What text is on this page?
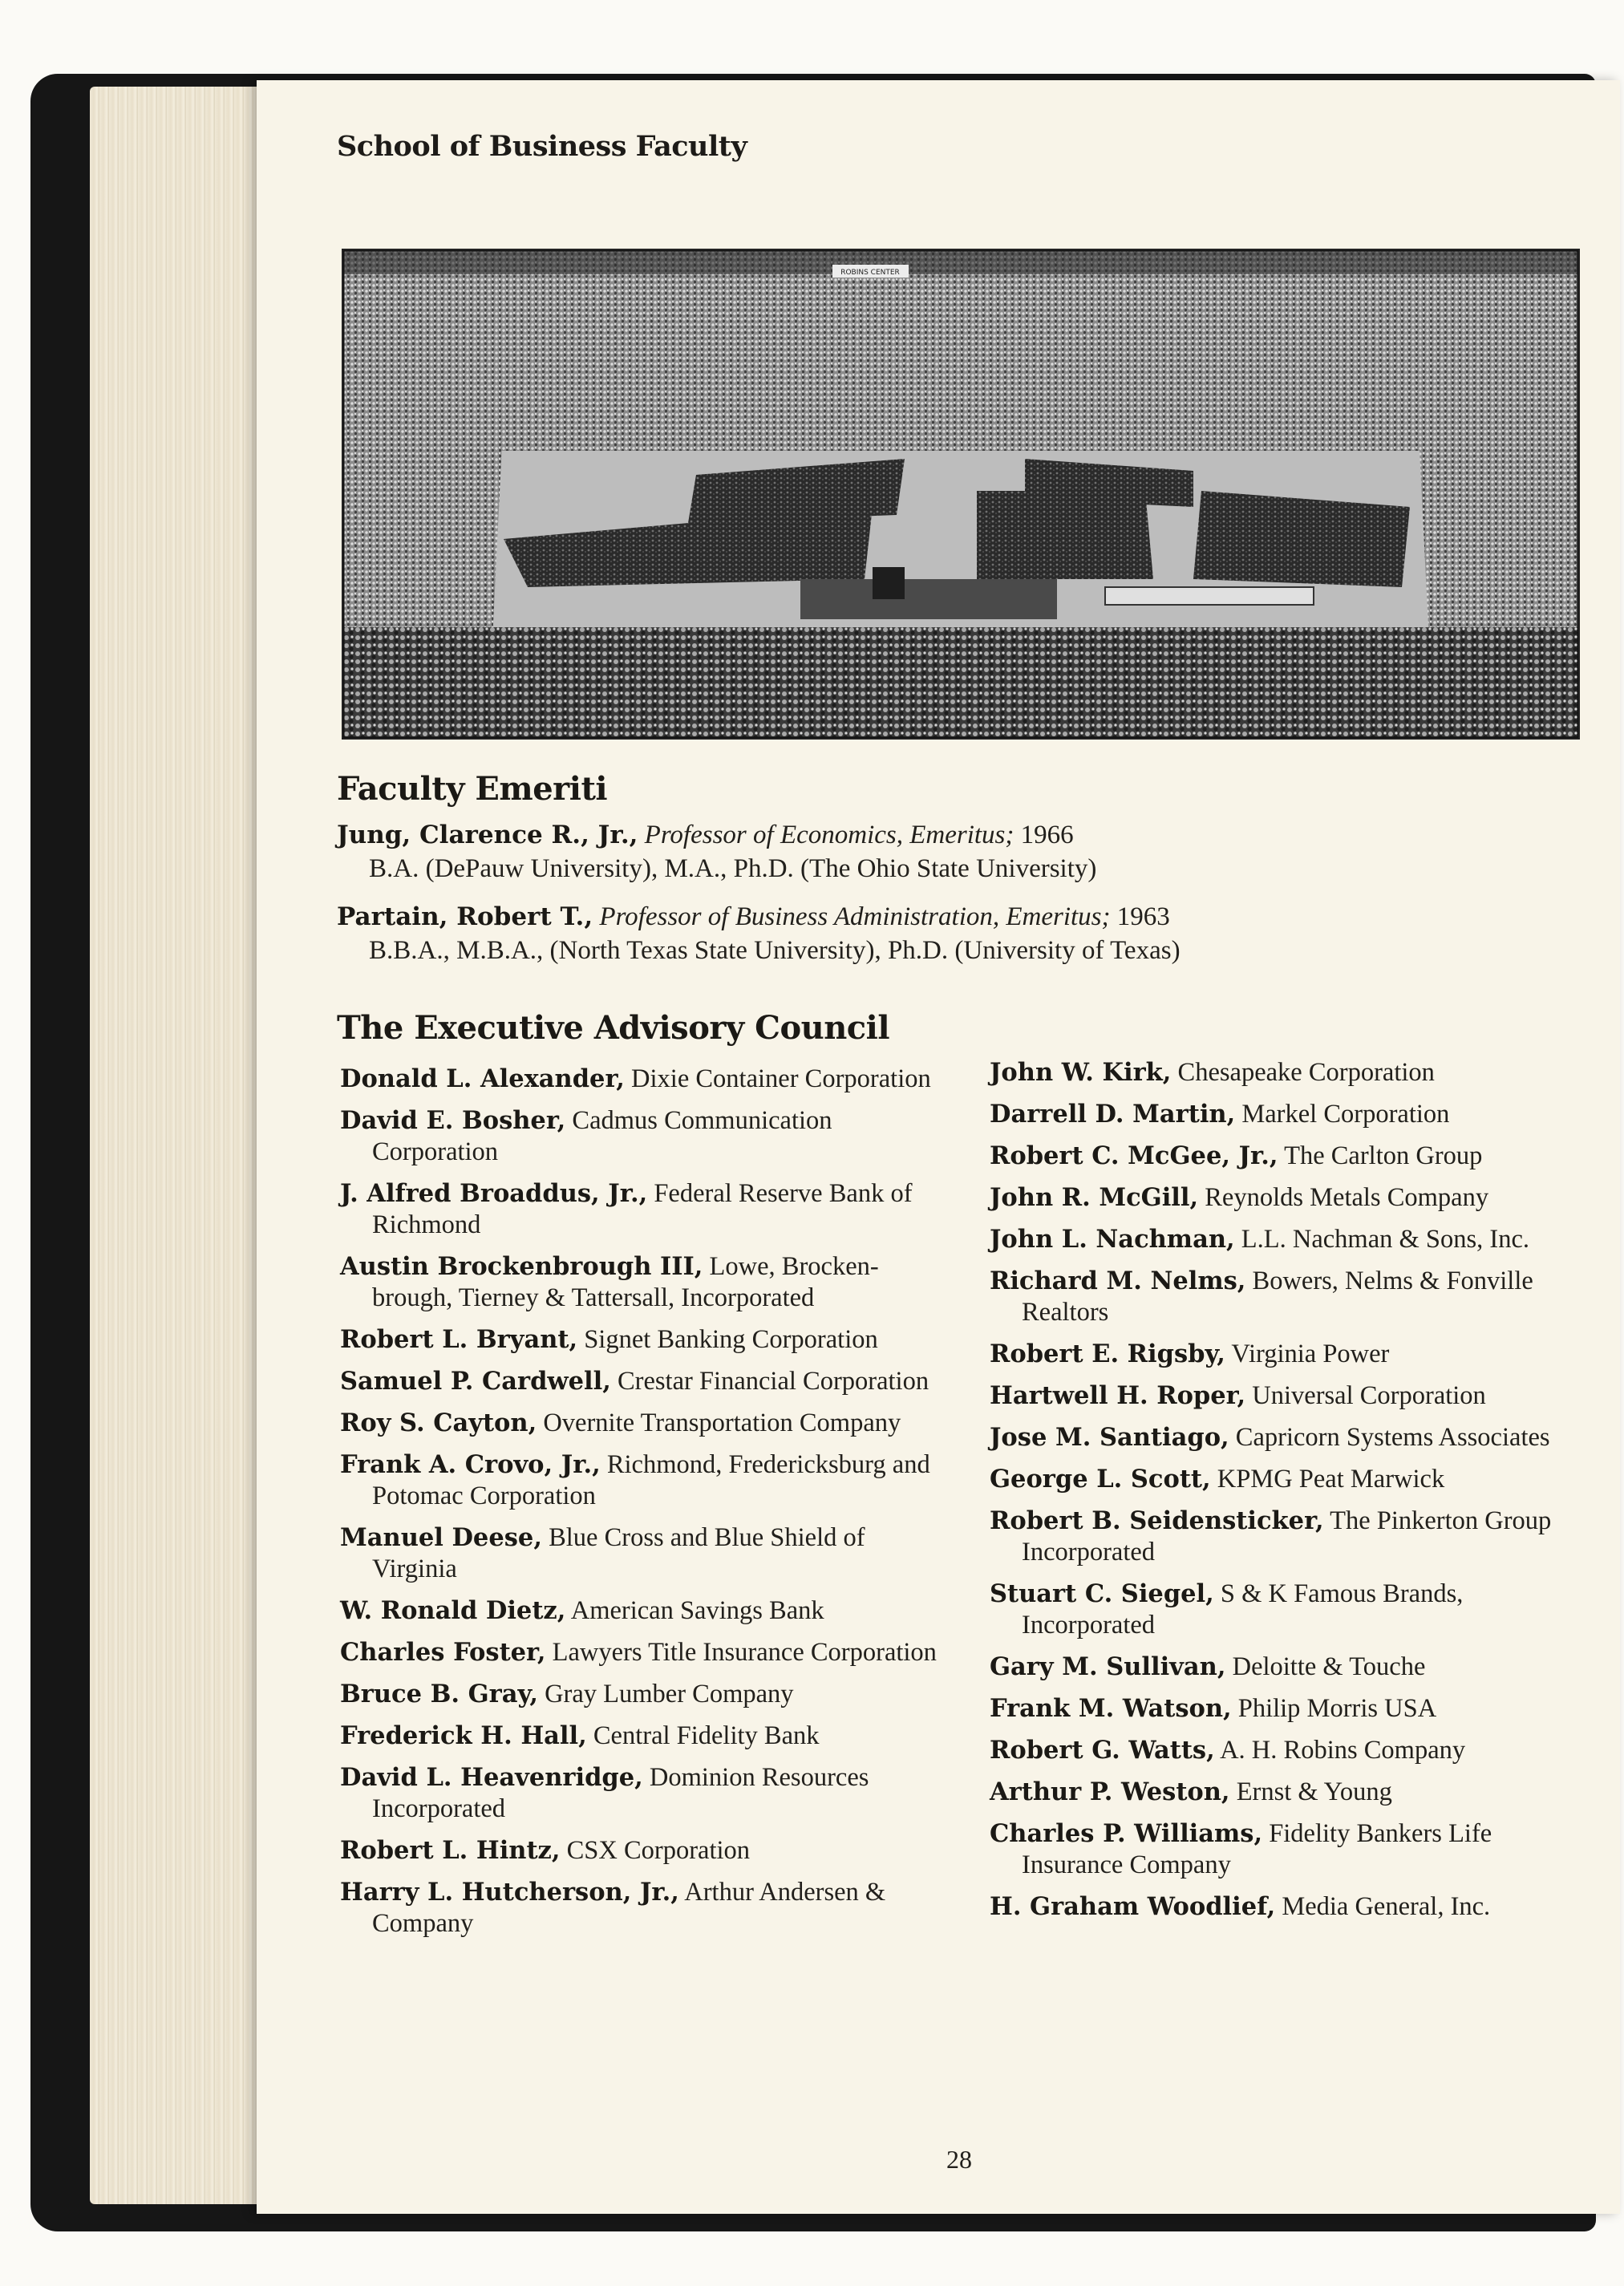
School of Business Faculty
ROBINS CENTER
Faculty Emeriti
Jung, Clarence R., Jr., Professor of Economics, Emeritus; 1966
B.A. (DePauw University), M.A., Ph.D. (The Ohio State University)
Partain, Robert T., Professor of Business Administration, Emeritus; 1963
B.B.A., M.B.A., (North Texas State University), Ph.D. (University of Texas)
The Executive Advisory Council

Donald L. Alexander, Dixie Container Corporation

David E. Bosher, Cadmus Communication Corporation

J. Alfred Broaddus, Jr., Federal Reserve Bank of Richmond

Austin Brockenbrough III, Lowe, Brocken-brough, Tierney & Tattersall, Incorporated

Robert L. Bryant, Signet Banking Corporation

Samuel P. Cardwell, Crestar Financial Corporation

Roy S. Cayton, Overnite Transportation Company

Frank A. Crovo, Jr., Richmond, Fredericksburg and Potomac Corporation

Manuel Deese, Blue Cross and Blue Shield of Virginia

W. Ronald Dietz, American Savings Bank

Charles Foster, Lawyers Title Insurance Corporation

Bruce B. Gray, Gray Lumber Company

Frederick H. Hall, Central Fidelity Bank

David L. Heavenridge, Dominion Resources Incorporated

Robert L. Hintz, CSX Corporation

Harry L. Hutcherson, Jr., Arthur Andersen & Company

John W. Kirk, Chesapeake Corporation

Darrell D. Martin, Markel Corporation

Robert C. McGee, Jr., The Carlton Group

John R. McGill, Reynolds Metals Company

John L. Nachman, L.L. Nachman & Sons, Inc.

Richard M. Nelms, Bowers, Nelms & Fonville Realtors

Robert E. Rigsby, Virginia Power

Hartwell H. Roper, Universal Corporation

Jose M. Santiago, Capricorn Systems Associates

George L. Scott, KPMG Peat Marwick

Robert B. Seidensticker, The Pinkerton Group Incorporated

Stuart C. Siegel, S & K Famous Brands, Incorporated

Gary M. Sullivan, Deloitte & Touche

Frank M. Watson, Philip Morris USA

Robert G. Watts, A. H. Robins Company

Arthur P. Weston, Ernst & Young

Charles P. Williams, Fidelity Bankers Life Insurance Company

H. Graham Woodlief, Media General, Inc.

28
